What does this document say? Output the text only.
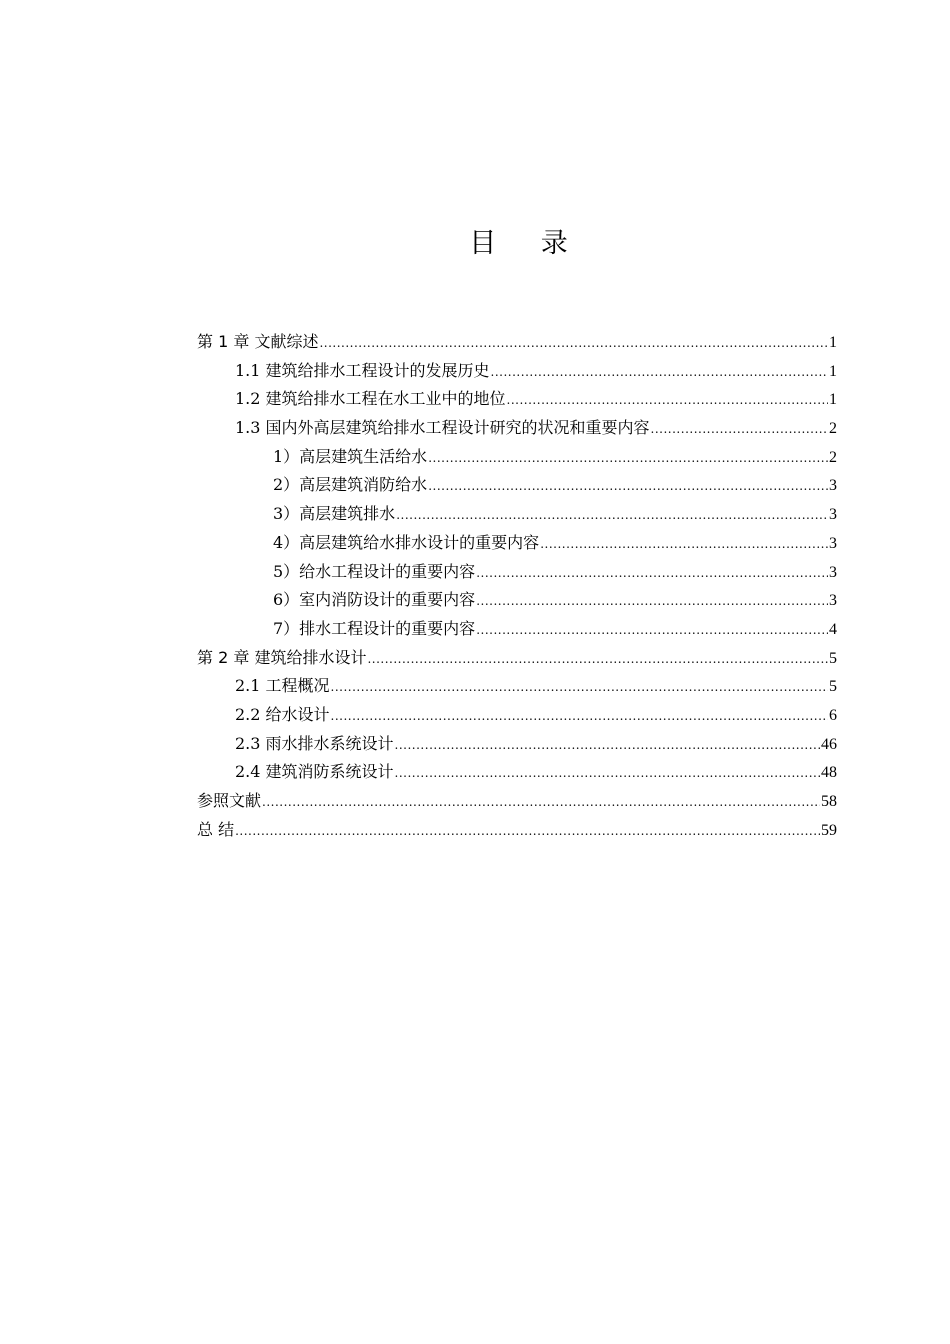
目 录
第 1 章 文献综述 .....	1
1.1 建筑给排水工程设计的发展历史 .....	1
1.2 建筑给排水工程在水工业中的地位 .....	1
1.3 国内外高层建筑给排水工程设计研究的状况和重要内容 .....	2
1）高层建筑生活给水 .....	2
2）高层建筑消防给水 .....	3
3）高层建筑排水 .....	3
4）高层建筑给水排水设计的重要内容 .....	3
5）给水工程设计的重要内容 .....	3
6）室内消防设计的重要内容 .....	3
7）排水工程设计的重要内容 .....	4
第 2 章 建筑给排水设计 .....	5
2.1 工程概况 .....	5
2.2 给水设计 .....	6
2.3 雨水排水系统设计 .....	46
2.4 建筑消防系统设计 .....	48
参照文献 .....	58
总 结 .....	59
